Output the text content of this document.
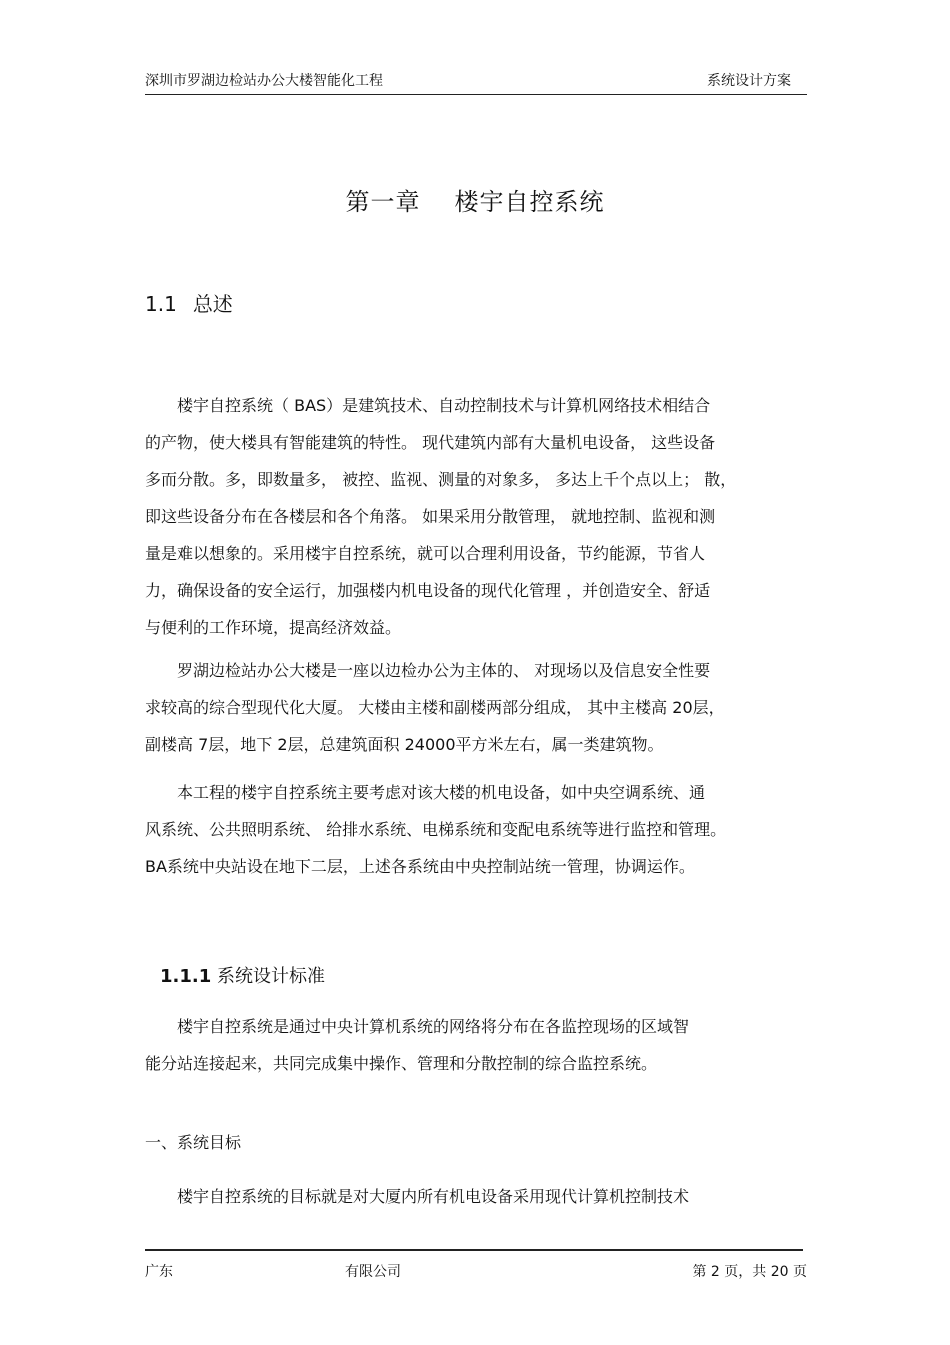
深圳市罗湖边检站办公大楼智能化工程	系统设计方案
第一章 楼宇自控系统
1.1 总述
楼宇自控系统（ BAS）是建筑技术、自动控制技术与计算机网络技术相结合
的产物，使大楼具有智能建筑的特性。 现代建筑内部有大量机电设备， 这些设备
多而分散。多，即数量多， 被控、监视、测量的对象多， 多达上千个点以上； 散，
即这些设备分布在各楼层和各个角落。 如果采用分散管理， 就地控制、监视和测
量是难以想象的。采用楼宇自控系统，就可以合理利用设备，节约能源，节省人
力，确保设备的安全运行，加强楼内机电设备的现代化管理 ，并创造安全、舒适
与便利的工作环境，提高经济效益。
罗湖边检站办公大楼是一座以边检办公为主体的、 对现场以及信息安全性要
求较高的综合型现代化大厦。 大楼由主楼和副楼两部分组成， 其中主楼高 20层，
副楼高 7层，地下 2层，总建筑面积 24000平方米左右，属一类建筑物。
本工程的楼宇自控系统主要考虑对该大楼的机电设备，如中央空调系统、通
风系统、公共照明系统、 给排水系统、电梯系统和变配电系统等进行监控和管理。
BA系统中央站设在地下二层，上述各系统由中央控制站统一管理，协调运作。
1.1.1 系统设计标准
楼宇自控系统是通过中央计算机系统的网络将分布在各监控现场的区域智
能分站连接起来，共同完成集中操作、管理和分散控制的综合监控系统。
一、系统目标
楼宇自控系统的目标就是对大厦内所有机电设备采用现代计算机控制技术
广东	有限公司	第 2 页，共 20 页
